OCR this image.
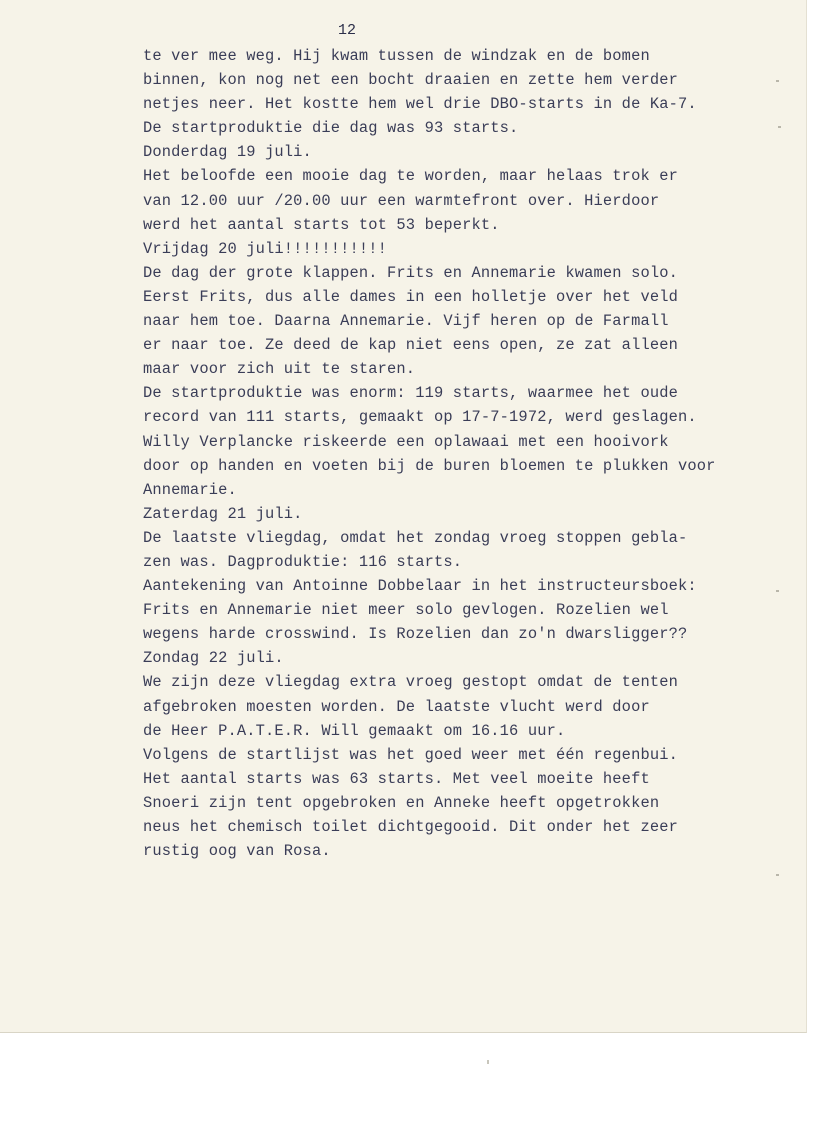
12

te ver mee weg. Hij kwam tussen de windzak en de bomen
binnen, kon nog net een bocht draaien en zette hem verder
netjes neer. Het kostte hem wel drie DBO-starts in de Ka-7.
De startproduktie die dag was 93 starts.
Donderdag 19 juli.
Het beloofde een mooie dag te worden, maar helaas trok er
van 12.00 uur /20.00 uur een warmtefront over. Hierdoor
werd het aantal starts tot 53 beperkt.
Vrijdag 20 juli!!!!!!!!!!!
De dag der grote klappen. Frits en Annemarie kwamen solo.
Eerst Frits, dus alle dames in een holletje over het veld
naar hem toe. Daarna Annemarie. Vijf heren op de Farmall
er naar toe. Ze deed de kap niet eens open, ze zat alleen
maar voor zich uit te staren.
De startproduktie was enorm: 119 starts, waarmee het oude
record van 111 starts, gemaakt op 17-7-1972, werd geslagen.
Willy Verplancke riskeerde een oplawaai met een hooivork
door op handen en voeten bij de buren bloemen te plukken voor
Annemarie.
Zaterdag 21 juli.
De laatste vliegdag, omdat het zondag vroeg stoppen gebla-
zen was. Dagproduktie: 116 starts.
Aantekening van Antoinne Dobbelaar in het instructeursboek:
Frits en Annemarie niet meer solo gevlogen. Rozelien wel
wegens harde crosswind. Is Rozelien dan zo'n dwarsligger??
Zondag 22 juli.
We zijn deze vliegdag extra vroeg gestopt omdat de tenten
afgebroken moesten worden. De laatste vlucht werd door
de Heer P.A.T.E.R. Will gemaakt om 16.16 uur.
Volgens de startlijst was het goed weer met één regenbui.
Het aantal starts was 63 starts. Met veel moeite heeft
Snoeri zijn tent opgebroken en Anneke heeft opgetrokken
neus het chemisch toilet dichtgegooid. Dit onder het zeer
rustig oog van Rosa.
